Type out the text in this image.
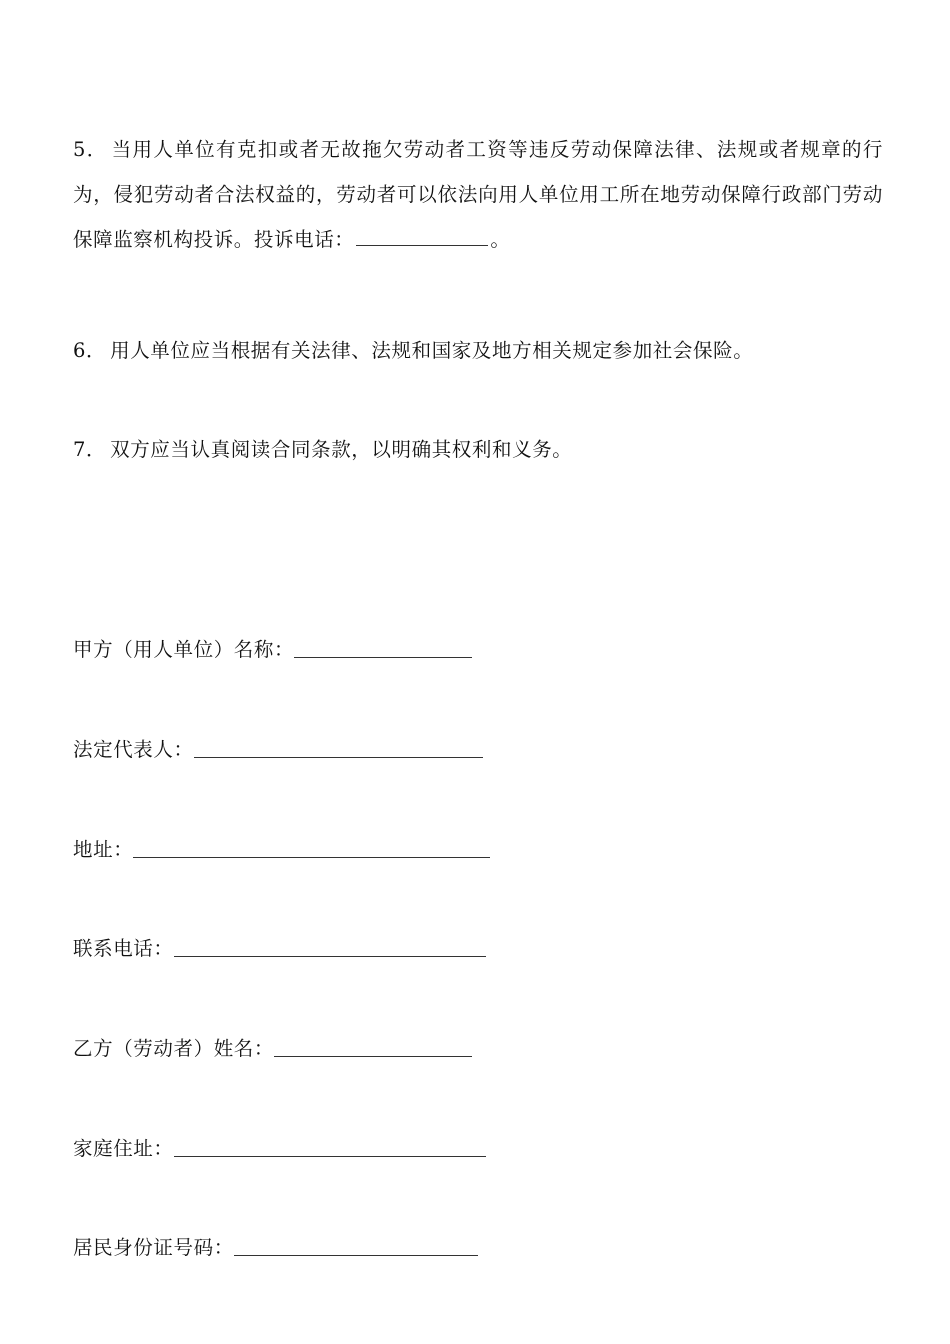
5． 当用人单位有克扣或者无故拖欠劳动者工资等违反劳动保障法律、法规或者规章的行为，侵犯劳动者合法权益的，劳动者可以依法向用人单位用工所在地劳动保障行政部门劳动保障监察机构投诉。投诉电话：	。

6． 用人单位应当根据有关法律、法规和国家及地方相关规定参加社会保险。

7． 双方应当认真阅读合同条款，以明确其权利和义务。

甲方（用人单位）名称：
法定代表人：
地址：
联系电话：
乙方（劳动者）姓名：
家庭住址：
居民身份证号码：
